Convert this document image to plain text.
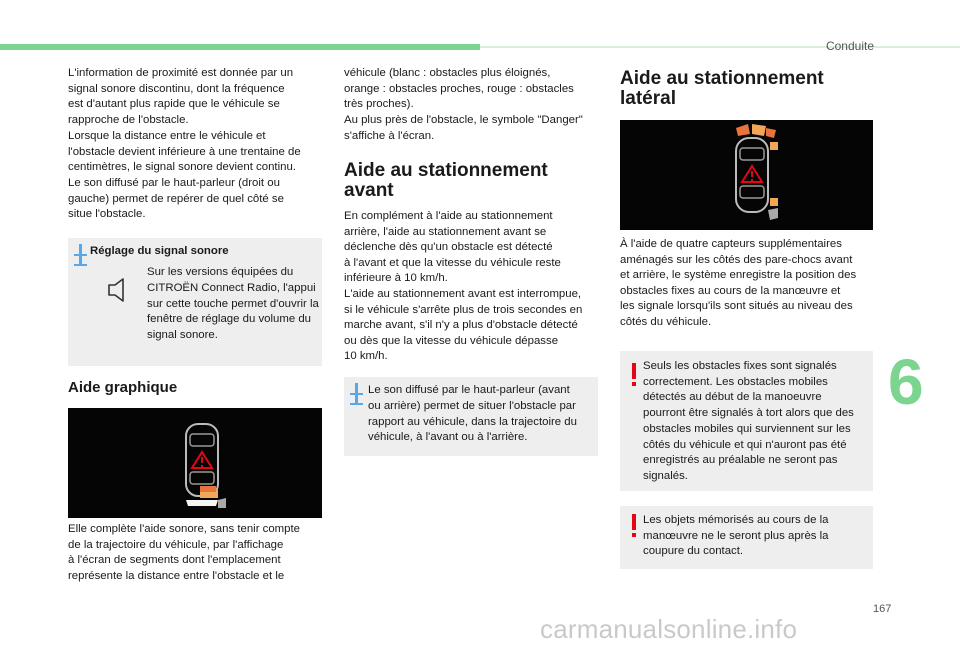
Conduite
6
167
L'information de proximité est donnée par un
signal sonore discontinu, dont la fréquence
est d'autant plus rapide que le véhicule se
rapproche de l'obstacle.
Lorsque la distance entre le véhicule et
l'obstacle devient inférieure à une trentaine de
centimètres, le signal sonore devient continu.
Le son diffusé par le haut-parleur (droit ou
gauche) permet de repérer de quel côté se
situe l'obstacle.
Réglage du signal sonore
Sur les versions équipées du
CITROËN Connect Radio, l'appui
sur cette touche permet d'ouvrir la
fenêtre de réglage du volume du
signal sonore.
Aide graphique
Elle complète l'aide sonore, sans tenir compte
de la trajectoire du véhicule, par l'affichage
à l'écran de segments dont l'emplacement
représente la distance entre l'obstacle et le
véhicule (blanc : obstacles plus éloignés,
orange : obstacles proches, rouge : obstacles
très proches).
Au plus près de l'obstacle, le symbole "Danger"
s'affiche à l'écran.
Aide au stationnement
avant
En complément à l'aide au stationnement
arrière, l'aide au stationnement avant se
déclenche dès qu'un obstacle est détecté
à l'avant et que la vitesse du véhicule reste
inférieure à 10 km/h.
L'aide au stationnement avant est interrompue,
si le véhicule s'arrête plus de trois secondes en
marche avant, s'il n'y a plus d'obstacle détecté
ou dès que la vitesse du véhicule dépasse
10 km/h.
Le son diffusé par le haut-parleur (avant
ou arrière) permet de situer l'obstacle par
rapport au véhicule, dans la trajectoire du
véhicule, à l'avant ou à l'arrière.
Aide au stationnement
latéral
À l'aide de quatre capteurs supplémentaires
aménagés sur les côtés des pare-chocs avant
et arrière, le système enregistre la position des
obstacles fixes au cours de la manœuvre et
les signale lorsqu'ils sont situés au niveau des
côtés du véhicule.
Seuls les obstacles fixes sont signalés
correctement. Les obstacles mobiles
détectés au début de la manoeuvre
pourront être signalés à tort alors que des
obstacles mobiles qui surviennent sur les
côtés du véhicule et qui n'auront pas été
enregistrés au préalable ne seront pas
signalés.
Les objets mémorisés au cours de la
manœuvre ne le seront plus après la
coupure du contact.
carmanualsonline.info
